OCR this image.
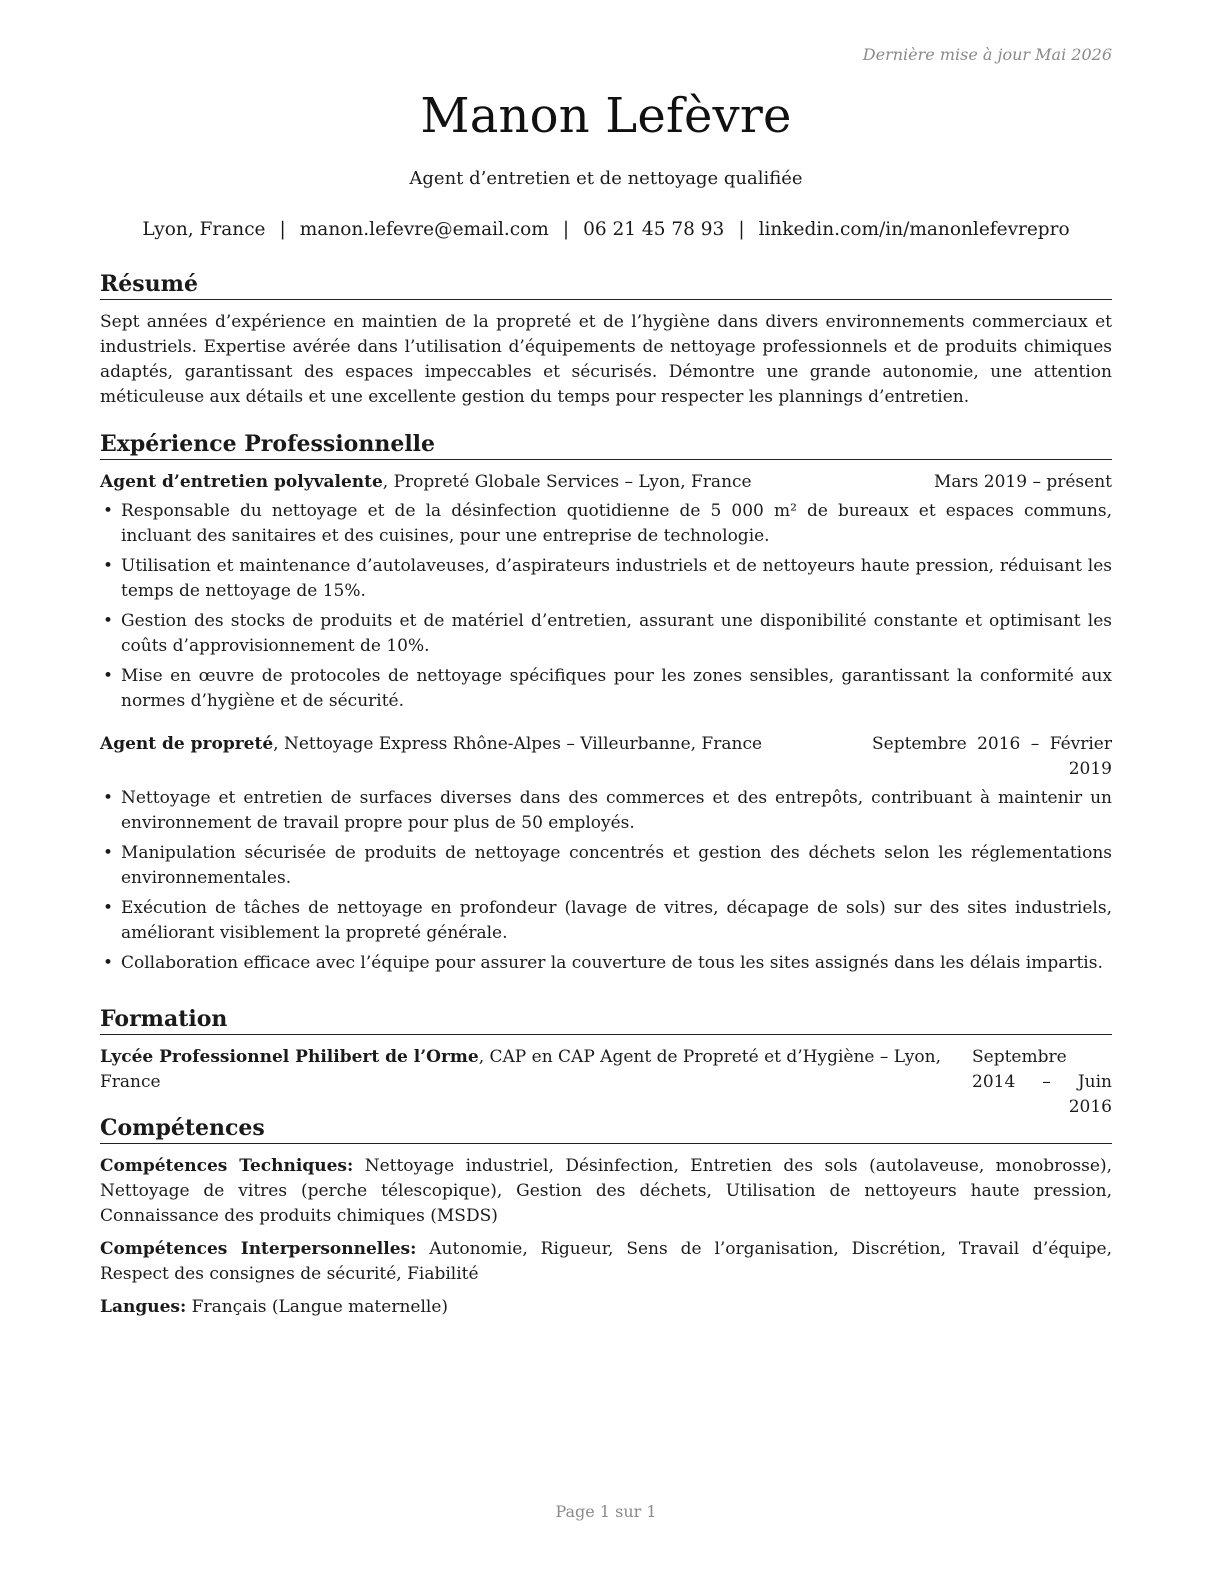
Dernière mise à jour Mai 2026
Manon Lefèvre
Agent d’entretien et de nettoyage qualifiée
Lyon, France | manon.lefevre@email.com | 06 21 45 78 93 | linkedin.com/in/manonlefevrepro
Résumé

Sept années d’expérience en maintien de la propreté et de l’hygiène dans divers environnements commerciaux et industriels. Expertise avérée dans l’utilisation d’équipements de nettoyage professionnels et de produits chimiques adaptés, garantissant des espaces impeccables et sécurisés. Démontre une grande autonomie, une attention méticuleuse aux détails et une excellente gestion du temps pour respecter les plannings d’entretien.

Expérience Professionnelle
Agent d’entretien polyvalente, Propreté Globale Services – Lyon, France	Mars 2019 – présent
• Responsable du nettoyage et de la désinfection quotidienne de 5 000 m² de bureaux et espaces communs, incluant des sanitaires et des cuisines, pour une entreprise de technologie.
• Utilisation et maintenance d’autolaveuses, d’aspirateurs industriels et de nettoyeurs haute pression, réduisant les temps de nettoyage de 15%.
• Gestion des stocks de produits et de matériel d’entretien, assurant une disponibilité constante et optimisant les coûts d’approvisionnement de 10%.
• Mise en œuvre de protocoles de nettoyage spécifiques pour les zones sensibles, garantissant la conformité aux normes d’hygiène et de sécurité.
Agent de propreté, Nettoyage Express Rhône-Alpes – Villeurbanne, France	Septembre 2016 – Février 2019
• Nettoyage et entretien de surfaces diverses dans des commerces et des entrepôts, contribuant à maintenir un environnement de travail propre pour plus de 50 employés.
• Manipulation sécurisée de produits de nettoyage concentrés et gestion des déchets selon les réglementations environnementales.
• Exécution de tâches de nettoyage en profondeur (lavage de vitres, décapage de sols) sur des sites industriels, améliorant visiblement la propreté générale.
• Collaboration efficace avec l’équipe pour assurer la couverture de tous les sites assignés dans les délais impartis.
Formation
Lycée Professionnel Philibert de l’Orme, CAP en CAP Agent de Propreté et d’Hygiène – Lyon, France
Septembre 2014 – Juin 2016
Compétences

Compétences Techniques: Nettoyage industriel, Désinfection, Entretien des sols (autolaveuse, monobrosse), Nettoyage de vitres (perche télescopique), Gestion des déchets, Utilisation de nettoyeurs haute pression, Connaissance des produits chimiques (MSDS)

Compétences Interpersonnelles: Autonomie, Rigueur, Sens de l’organisation, Discrétion, Travail d’équipe, Respect des consignes de sécurité, Fiabilité

Langues: Français (Langue maternelle)

Page 1 sur 1
